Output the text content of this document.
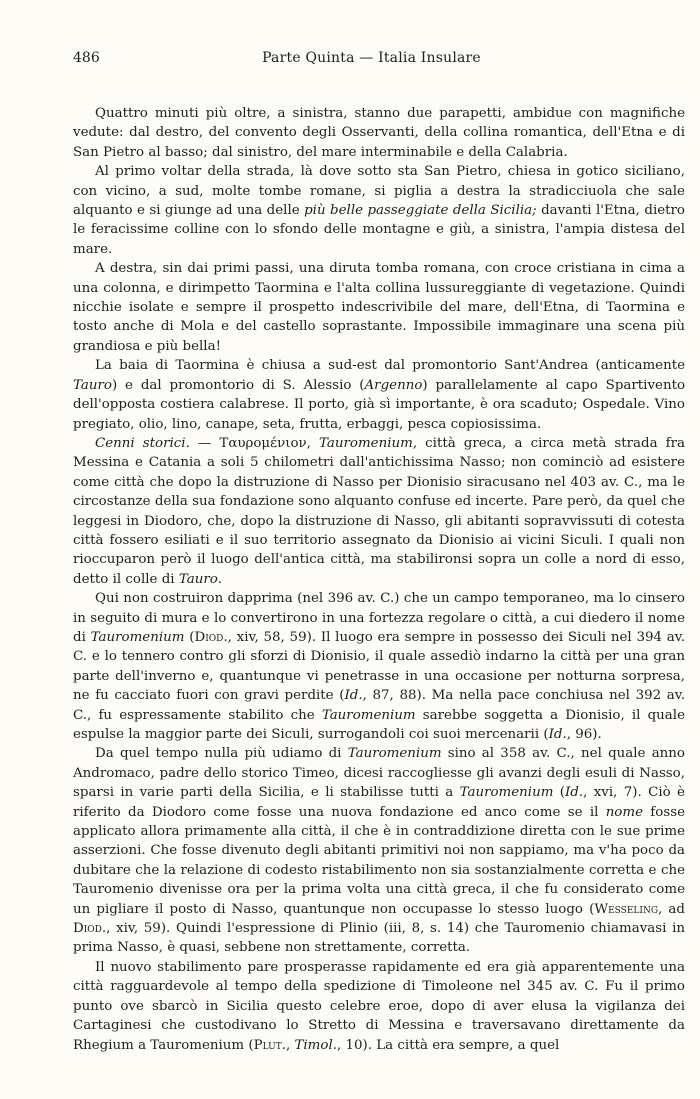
486	Parte Quinta — Italia Insulare

Quattro minuti più oltre, a sinistra, stanno due parapetti, ambidue con magnifiche vedute: dal destro, del convento degli Osservanti, della collina romantica, dell'Etna e di San Pietro al basso; dal sinistro, del mare interminabile e della Calabria.

Al primo voltar della strada, là dove sotto sta San Pietro, chiesa in gotico siciliano, con vicino, a sud, molte tombe romane, si piglia a destra la stradicciuola che sale alquanto e si giunge ad una delle più belle passeggiate della Sicilia; davanti l'Etna, dietro le feracissime colline con lo sfondo delle montagne e giù, a sinistra, l'ampia distesa del mare.

A destra, sin dai primi passi, una diruta tomba romana, con croce cristiana in cima a una colonna, e dirimpetto Taormina e l'alta collina lussureggiante di vegetazione. Quindi nicchie isolate e sempre il prospetto indescrivibile del mare, dell'Etna, di Taormina e tosto anche di Mola e del castello soprastante. Impossibile immaginare una scena più grandiosa e più bella!

La baia di Taormina è chiusa a sud-est dal promontorio Sant'Andrea (anticamente Tauro) e dal promontorio di S. Alessio (Argenno) parallelamente al capo Spartivento dell'opposta costiera calabrese. Il porto, già sì importante, è ora scaduto; Ospedale. Vino pregiato, olio, lino, canape, seta, frutta, erbaggi, pesca copiosissima.

Cenni storici. — Ταυρομένιον, Tauromenium, città greca, a circa metà strada fra Messina e Catania a soli 5 chilometri dall'antichissima Nasso; non cominciò ad esistere come città che dopo la distruzione di Nasso per Dionisio siracusano nel 403 av. C., ma le circostanze della sua fondazione sono alquanto confuse ed incerte. Pare però, da quel che leggesi in Diodoro, che, dopo la distruzione di Nasso, gli abitanti sopravvissuti di cotesta città fossero esiliati e il suo territorio assegnato da Dionisio ai vicini Siculi. I quali non rioccuparon però il luogo dell'antica città, ma stabilironsi sopra un colle a nord di esso, detto il colle di Tauro.

Qui non costruiron dapprima (nel 396 av. C.) che un campo temporaneo, ma lo cinsero in seguito di mura e lo convertirono in una fortezza regolare o città, a cui diedero il nome di Tauromenium (Diod., xiv, 58, 59). Il luogo era sempre in possesso dei Siculi nel 394 av. C. e lo tennero contro gli sforzi di Dionisio, il quale assediò indarno la città per una gran parte dell'inverno e, quantunque vi penetrasse in una occasione per notturna sorpresa, ne fu cacciato fuori con gravi perdite (Id., 87, 88). Ma nella pace conchiusa nel 392 av. C., fu espressamente stabilito che Tauromenium sarebbe soggetta a Dionisio, il quale espulse la maggior parte dei Siculi, surrogandoli coi suoi mercenarii (Id., 96).

Da quel tempo nulla più udiamo di Tauromenium sino al 358 av. C., nel quale anno Andromaco, padre dello storico Timeo, dicesi raccogliesse gli avanzi degli esuli di Nasso, sparsi in varie parti della Sicilia, e li stabilisse tutti a Tauromenium (Id., xvi, 7). Ciò è riferito da Diodoro come fosse una nuova fondazione ed anco come se il nome fosse applicato allora primamente alla città, il che è in contraddizione diretta con le sue prime asserzioni. Che fosse divenuto degli abitanti primitivi noi non sappiamo, ma v'ha poco da dubitare che la relazione di codesto ristabilimento non sia sostanzialmente corretta e che Tauromenio divenisse ora per la prima volta una città greca, il che fu considerato come un pigliare il posto di Nasso, quantunque non occupasse lo stesso luogo (Wesseling, ad Diod., xiv, 59). Quindi l'espressione di Plinio (iii, 8, s. 14) che Tauromenio chiamavasi in prima Nasso, è quasi, sebbene non strettamente, corretta.

Il nuovo stabilimento pare prosperasse rapidamente ed era già apparentemente una città ragguardevole al tempo della spedizione di Timoleone nel 345 av. C. Fu il primo punto ove sbarcò in Sicilia questo celebre eroe, dopo di aver elusa la vigilanza dei Cartaginesi che custodivano lo Stretto di Messina e traversavano direttamente da Rhegium a Tauromenium (Plut., Timol., 10). La città era sempre, a quel
